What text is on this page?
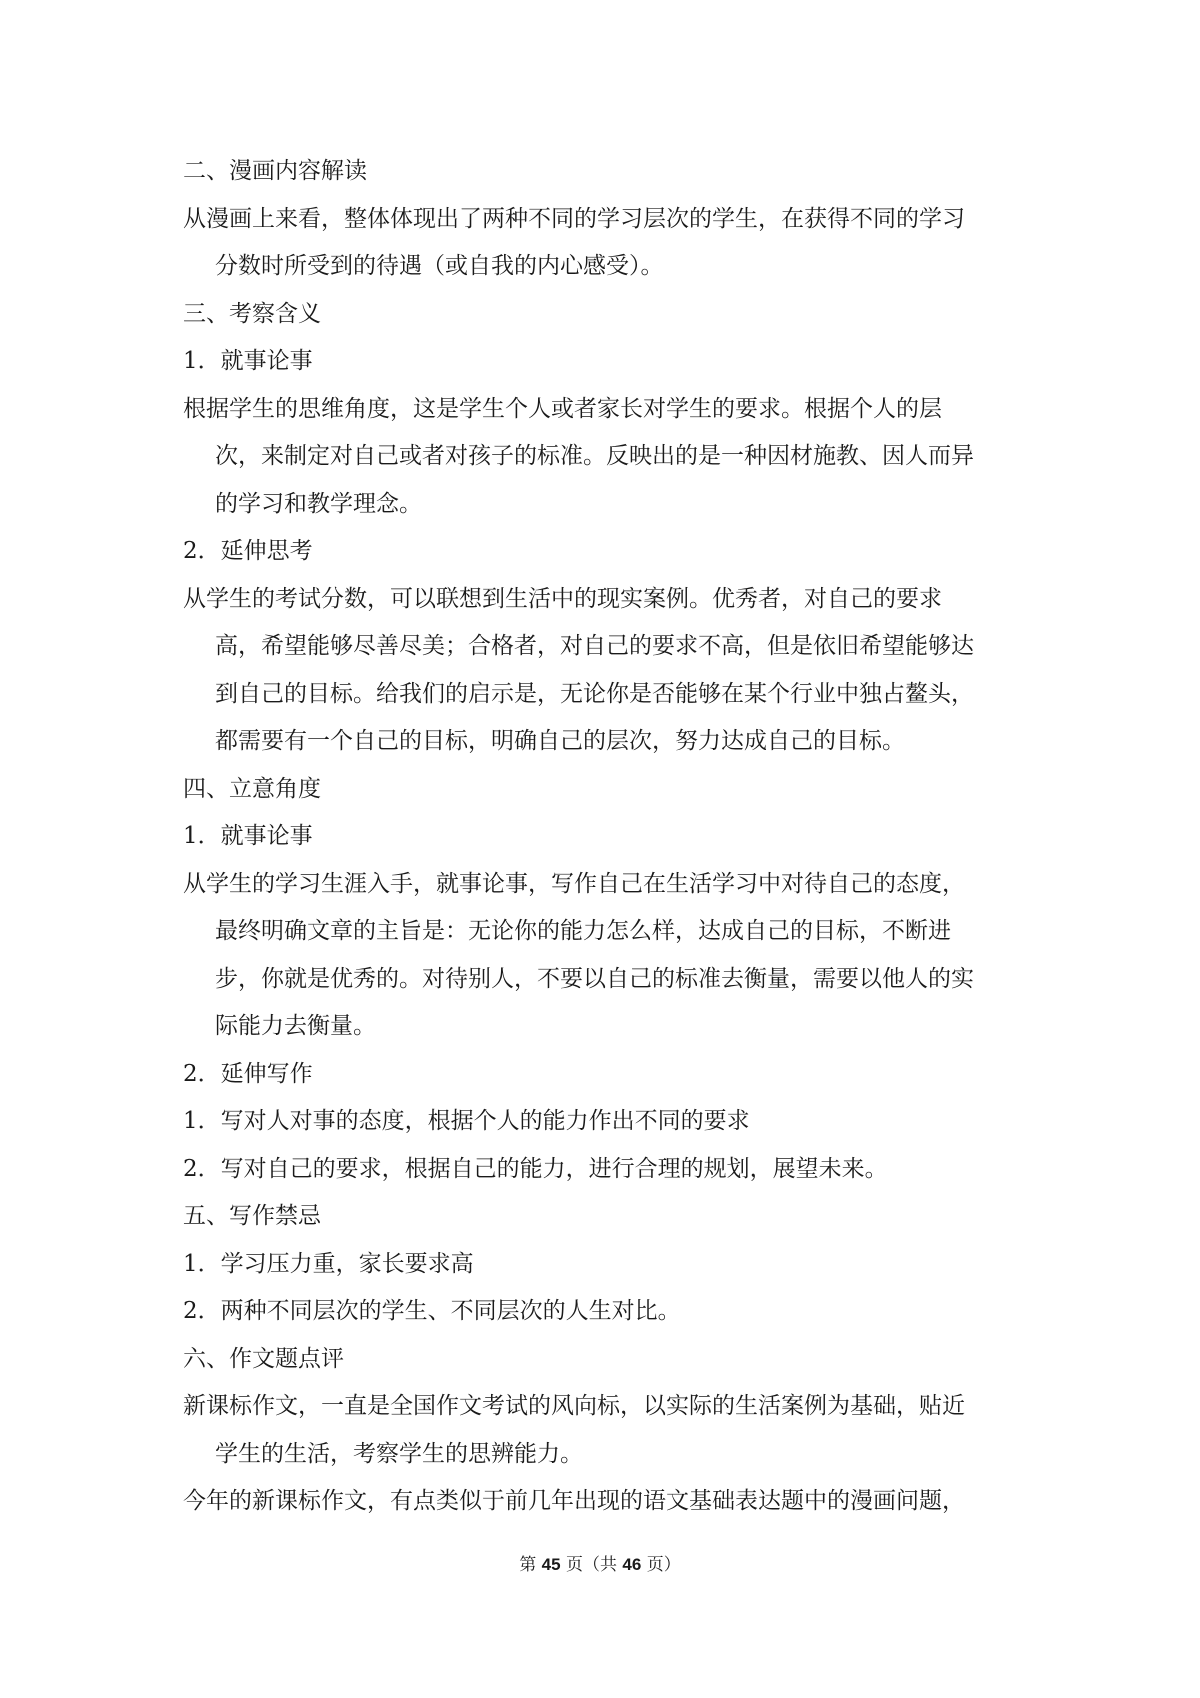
二、漫画内容解读
从漫画上来看，整体体现出了两种不同的学习层次的学生，在获得不同的学习
分数时所受到的待遇（或自我的内心感受）。
三、考察含义
1．就事论事
根据学生的思维角度，这是学生个人或者家长对学生的要求。根据个人的层
次，来制定对自己或者对孩子的标准。反映出的是一种因材施教、因人而异
的学习和教学理念。
2．延伸思考
从学生的考试分数，可以联想到生活中的现实案例。优秀者，对自己的要求
高，希望能够尽善尽美；合格者，对自己的要求不高，但是依旧希望能够达
到自己的目标。给我们的启示是，无论你是否能够在某个行业中独占鳌头，
都需要有一个自己的目标，明确自己的层次，努力达成自己的目标。
四、立意角度
1．就事论事
从学生的学习生涯入手，就事论事，写作自己在生活学习中对待自己的态度，
最终明确文章的主旨是：无论你的能力怎么样，达成自己的目标，不断进
步，你就是优秀的。对待别人，不要以自己的标准去衡量，需要以他人的实
际能力去衡量。
2．延伸写作
1．写对人对事的态度，根据个人的能力作出不同的要求
2．写对自己的要求，根据自己的能力，进行合理的规划，展望未来。
五、写作禁忌
1．学习压力重，家长要求高
2．两种不同层次的学生、不同层次的人生对比。
六、作文题点评
新课标作文，一直是全国作文考试的风向标，以实际的生活案例为基础，贴近
学生的生活，考察学生的思辨能力。
今年的新课标作文，有点类似于前几年出现的语文基础表达题中的漫画问题，
第 45 页（共 46 页）
